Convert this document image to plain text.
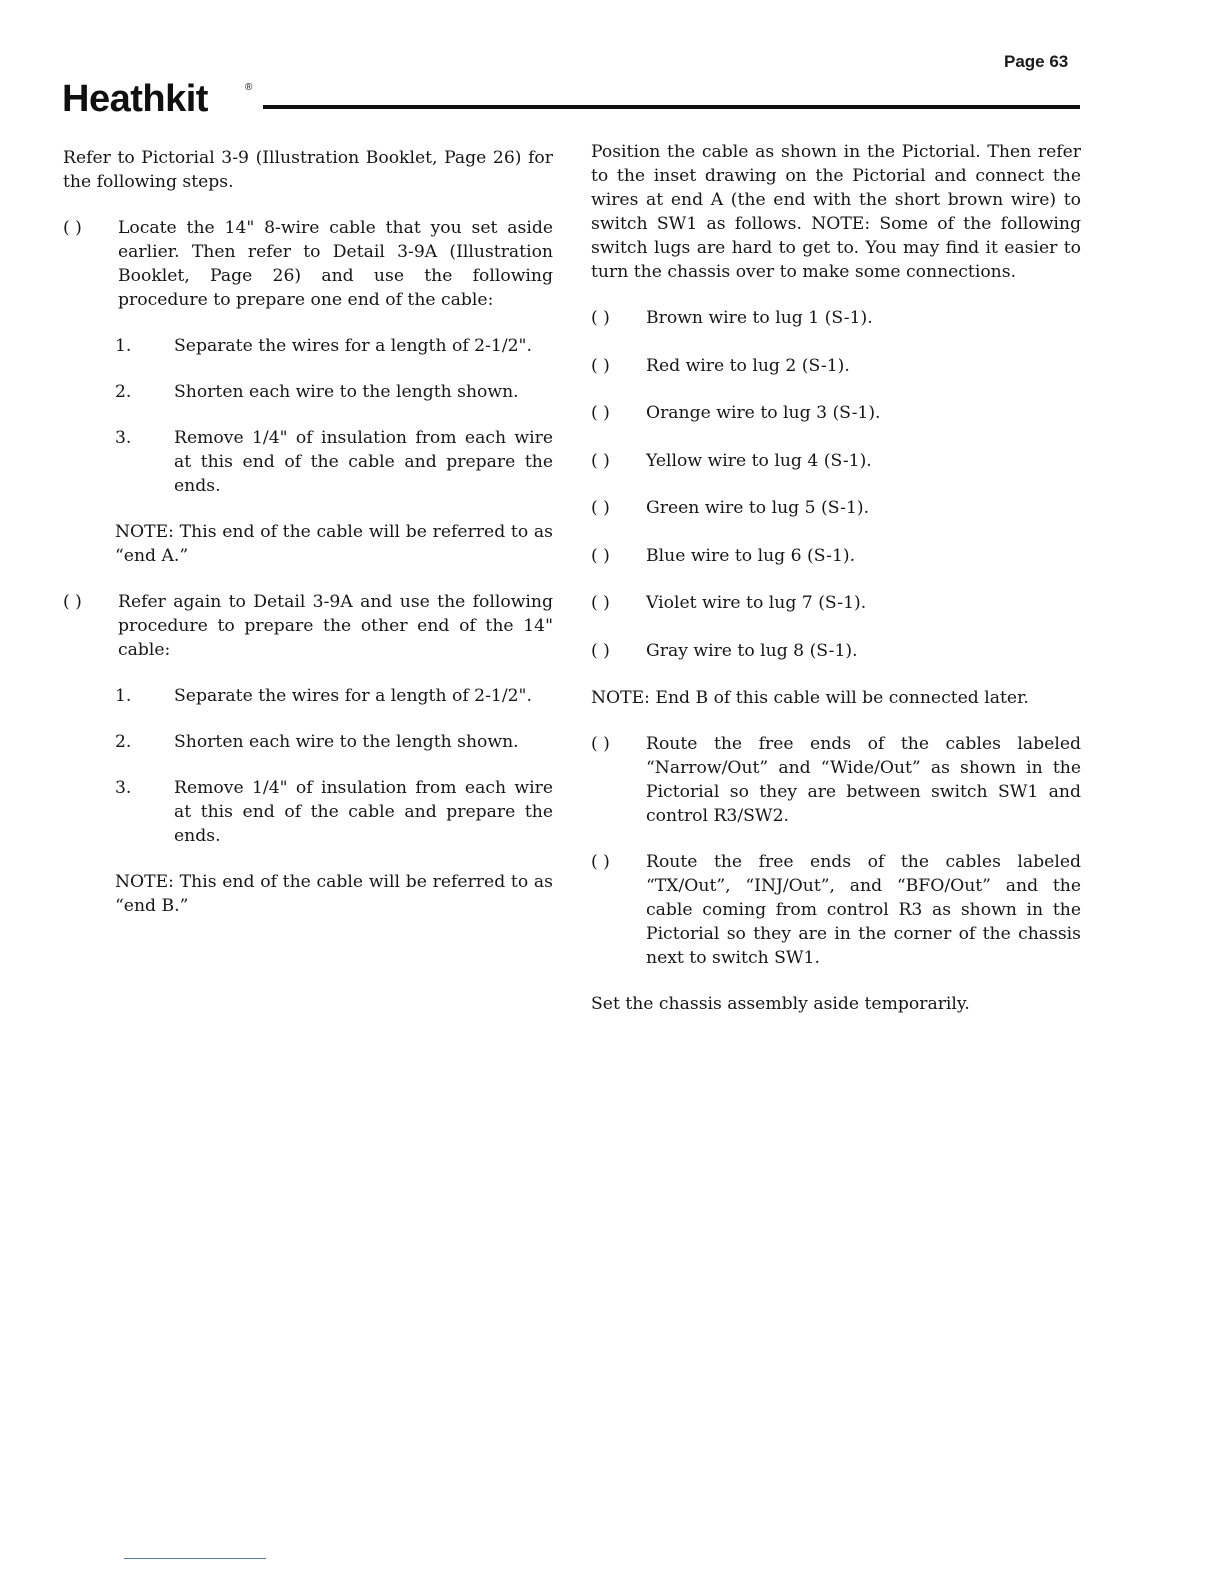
Page 63
Heathkit	®

Refer to Pictorial 3-9 (Illustration Booklet, Page 26) for the following steps.

( )	Locate the 14" 8-wire cable that you set aside earlier. Then refer to Detail 3-9A (Illustration Booklet, Page 26) and use the following procedure to prepare one end of the cable:
1.	Separate the wires for a length of 2-1/2".
2.	Shorten each wire to the length shown.
3.	Remove 1/4" of insulation from each wire at this end of the cable and prepare the ends.

NOTE: This end of the cable will be referred to as “end A.”

( )	Refer again to Detail 3-9A and use the following procedure to prepare the other end of the 14" cable:
1.	Separate the wires for a length of 2-1/2".
2.	Shorten each wire to the length shown.
3.	Remove 1/4" of insulation from each wire at this end of the cable and prepare the ends.

NOTE: This end of the cable will be referred to as “end B.”

Position the cable as shown in the Pictorial. Then refer to the inset drawing on the Pictorial and connect the wires at end A (the end with the short brown wire) to switch SW1 as follows. NOTE: Some of the following switch lugs are hard to get to. You may find it easier to turn the chassis over to make some connections.

( )	Brown wire to lug 1 (S-1).
( )	Red wire to lug 2 (S-1).
( )	Orange wire to lug 3 (S-1).
( )	Yellow wire to lug 4 (S-1).
( )	Green wire to lug 5 (S-1).
( )	Blue wire to lug 6 (S-1).
( )	Violet wire to lug 7 (S-1).
( )	Gray wire to lug 8 (S-1).

NOTE: End B of this cable will be connected later.

( )	Route the free ends of the cables labeled “Narrow/Out” and “Wide/Out” as shown in the Pictorial so they are between switch SW1 and control R3/SW2.
( )	Route the free ends of the cables labeled “TX/Out”, “INJ/Out”, and “BFO/Out” and the cable coming from control R3 as shown in the Pictorial so they are in the corner of the chassis next to switch SW1.

Set the chassis assembly aside temporarily.
